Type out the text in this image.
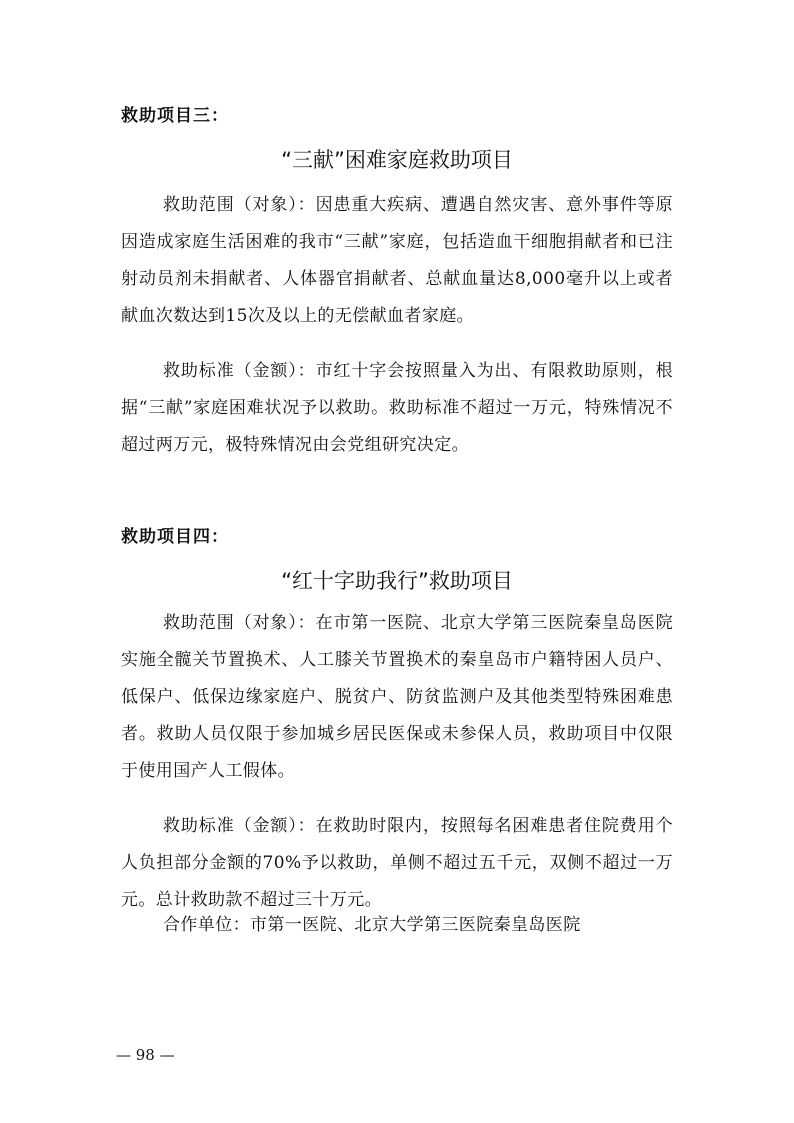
救助项目三：
“三献”困难家庭救助项目

救助范围（对象）：因患重大疾病、遭遇自然灾害、意外事件等原因造成家庭生活困难的我市“三献”家庭，包括造血干细胞捐献者和已注射动员剂未捐献者、人体器官捐献者、总献血量达8,000毫升以上或者献血次数达到15次及以上的无偿献血者家庭。

救助标准（金额）：市红十字会按照量入为出、有限救助原则，根据“三献”家庭困难状况予以救助。救助标准不超过一万元，特殊情况不超过两万元，极特殊情况由会党组研究决定。

救助项目四：
“红十字助我行”救助项目

救助范围（对象）：在市第一医院、北京大学第三医院秦皇岛医院实施全髋关节置换术、人工膝关节置换术的秦皇岛市户籍特困人员户、低保户、低保边缘家庭户、脱贫户、防贫监测户及其他类型特殊困难患者。救助人员仅限于参加城乡居民医保或未参保人员，救助项目中仅限于使用国产人工假体。

救助标准（金额）：在救助时限内，按照每名困难患者住院费用个人负担部分金额的70%予以救助，单侧不超过五千元，双侧不超过一万元。总计救助款不超过三十万元。

合作单位：市第一医院、北京大学第三医院秦皇岛医院

— 98 —
